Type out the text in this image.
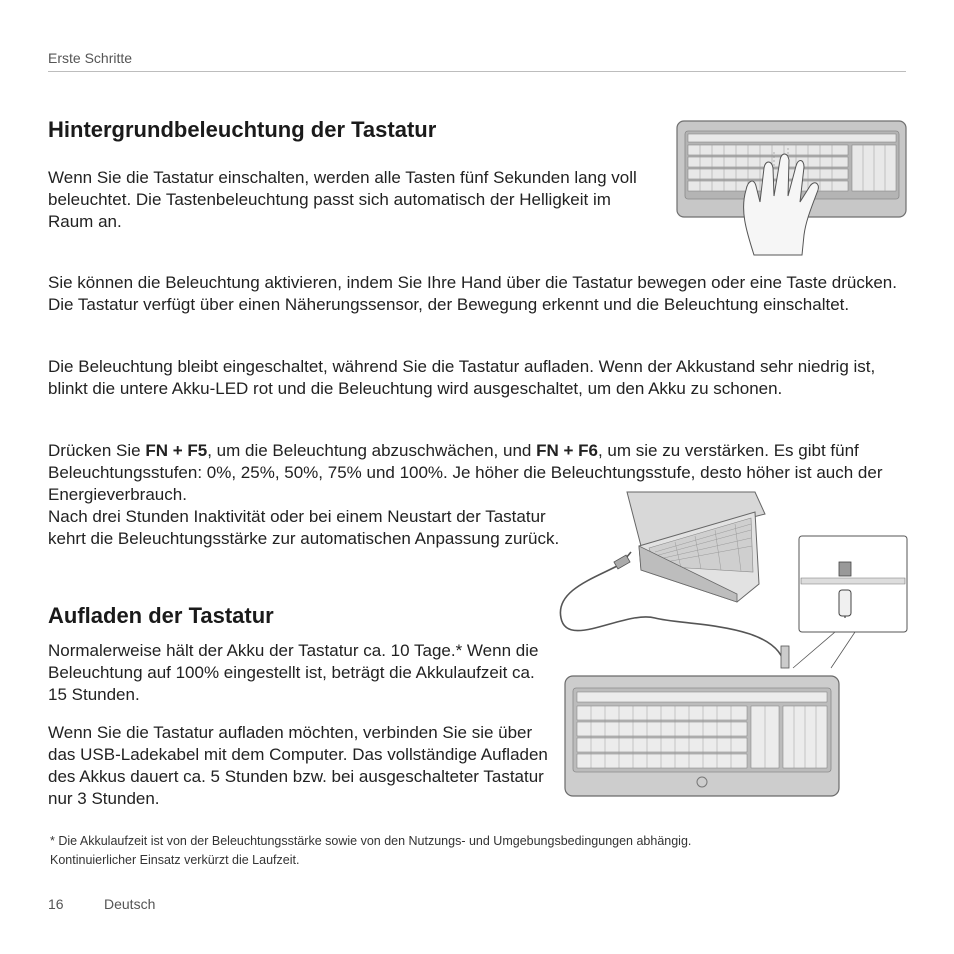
Erste Schritte
Hintergrundbeleuchtung der Tastatur

Wenn Sie die Tastatur einschalten, werden alle Tasten fünf Sekunden lang voll beleuchtet. Die Tastenbeleuchtung passt sich automatisch der Helligkeit im Raum an.

Sie können die Beleuchtung aktivieren, indem Sie Ihre Hand über die Tastatur bewegen oder eine Taste drücken. Die Tastatur verfügt über einen Näherungssensor, der Bewegung erkennt und die Beleuchtung einschaltet.

Die Beleuchtung bleibt eingeschaltet, während Sie die Tastatur aufladen. Wenn der Akkustand sehr niedrig ist, blinkt die untere Akku-LED rot und die Beleuchtung wird ausgeschaltet, um den Akku zu schonen.

Drücken Sie FN + F5, um die Beleuchtung abzuschwächen, und FN + F6, um sie zu verstärken. Es gibt fünf Beleuchtungsstufen: 0%, 25%, 50%, 75% und 100%. Je höher die Beleuchtungsstufe, desto höher ist auch der Energieverbrauch.

Nach drei Stunden Inaktivität oder bei einem Neustart der Tastatur kehrt die Beleuchtungsstärke zur automatischen Anpassung zurück.

Aufladen der Tastatur

Normalerweise hält der Akku der Tastatur ca. 10 Tage.* Wenn die Beleuchtung auf 100% eingestellt ist, beträgt die Akkulaufzeit ca. 15 Stunden.

Wenn Sie die Tastatur aufladen möchten, verbinden Sie sie über das USB-Ladekabel mit dem Computer. Das vollständige Aufladen des Akkus dauert ca. 5 Stunden bzw. bei ausgeschalteter Tastatur nur 3 Stunden.

* Die Akkulaufzeit ist von der Beleuchtungsstärke sowie von den Nutzungs- und Umgebungsbedingungen abhängig.
Kontinuierlicher Einsatz verkürzt die Laufzeit.
16	Deutsch
